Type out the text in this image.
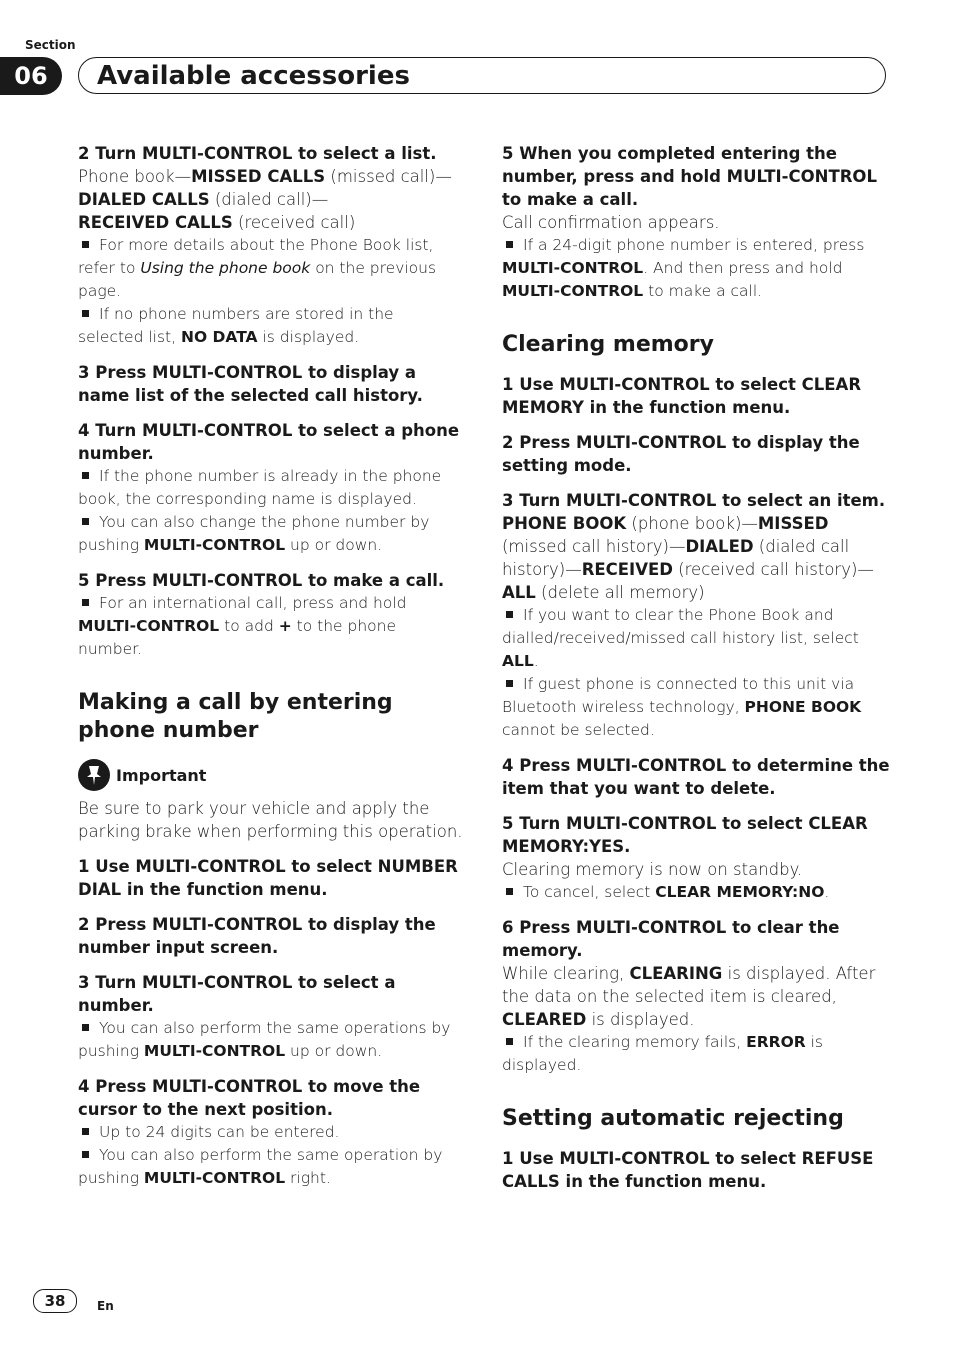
Section
06	Available accessories

2 Turn MULTI-CONTROL to select a list.

Phone book—MISSED CALLS (missed call)—

DIALED CALLS (dialed call)—

RECEIVED CALLS (received call)

For more details about the Phone Book list, refer to Using the phone book on the previous page.

If no phone numbers are stored in the selected list, NO DATA is displayed.

3 Press MULTI-CONTROL to display a name list of the selected call history.

4 Turn MULTI-CONTROL to select a phone number.

If the phone number is already in the phone book, the corresponding name is displayed.

You can also change the phone number by pushing MULTI-CONTROL up or down.

5 Press MULTI-CONTROL to make a call.

For an international call, press and hold MULTI-CONTROL to add + to the phone number.

Making a call by entering phone number
Important

Be sure to park your vehicle and apply the parking brake when performing this operation.

1 Use MULTI-CONTROL to select NUMBER DIAL in the function menu.

2 Press MULTI-CONTROL to display the number input screen.

3 Turn MULTI-CONTROL to select a number.

You can also perform the same operations by pushing MULTI-CONTROL up or down.

4 Press MULTI-CONTROL to move the cursor to the next position.

Up to 24 digits can be entered.

You can also perform the same operation by pushing MULTI-CONTROL right.

5 When you completed entering the number, press and hold MULTI-CONTROL to make a call.

Call confirmation appears.

If a 24-digit phone number is entered, press MULTI-CONTROL. And then press and hold MULTI-CONTROL to make a call.

Clearing memory

1 Use MULTI-CONTROL to select CLEAR MEMORY in the function menu.

2 Press MULTI-CONTROL to display the setting mode.

3 Turn MULTI-CONTROL to select an item.

PHONE BOOK (phone book)—MISSED (missed call history)—DIALED (dialed call history)—RECEIVED (received call history)—ALL (delete all memory)

If you want to clear the Phone Book and dialled/received/missed call history list, select ALL.

If guest phone is connected to this unit via Bluetooth wireless technology, PHONE BOOK cannot be selected.

4 Press MULTI-CONTROL to determine the item that you want to delete.

5 Turn MULTI-CONTROL to select CLEAR MEMORY:YES.

Clearing memory is now on standby.

To cancel, select CLEAR MEMORY:NO.

6 Press MULTI-CONTROL to clear the memory.

While clearing, CLEARING is displayed. After the data on the selected item is cleared, CLEARED is displayed.

If the clearing memory fails, ERROR is displayed.

Setting automatic rejecting

1 Use MULTI-CONTROL to select REFUSE CALLS in the function menu.

38	En
